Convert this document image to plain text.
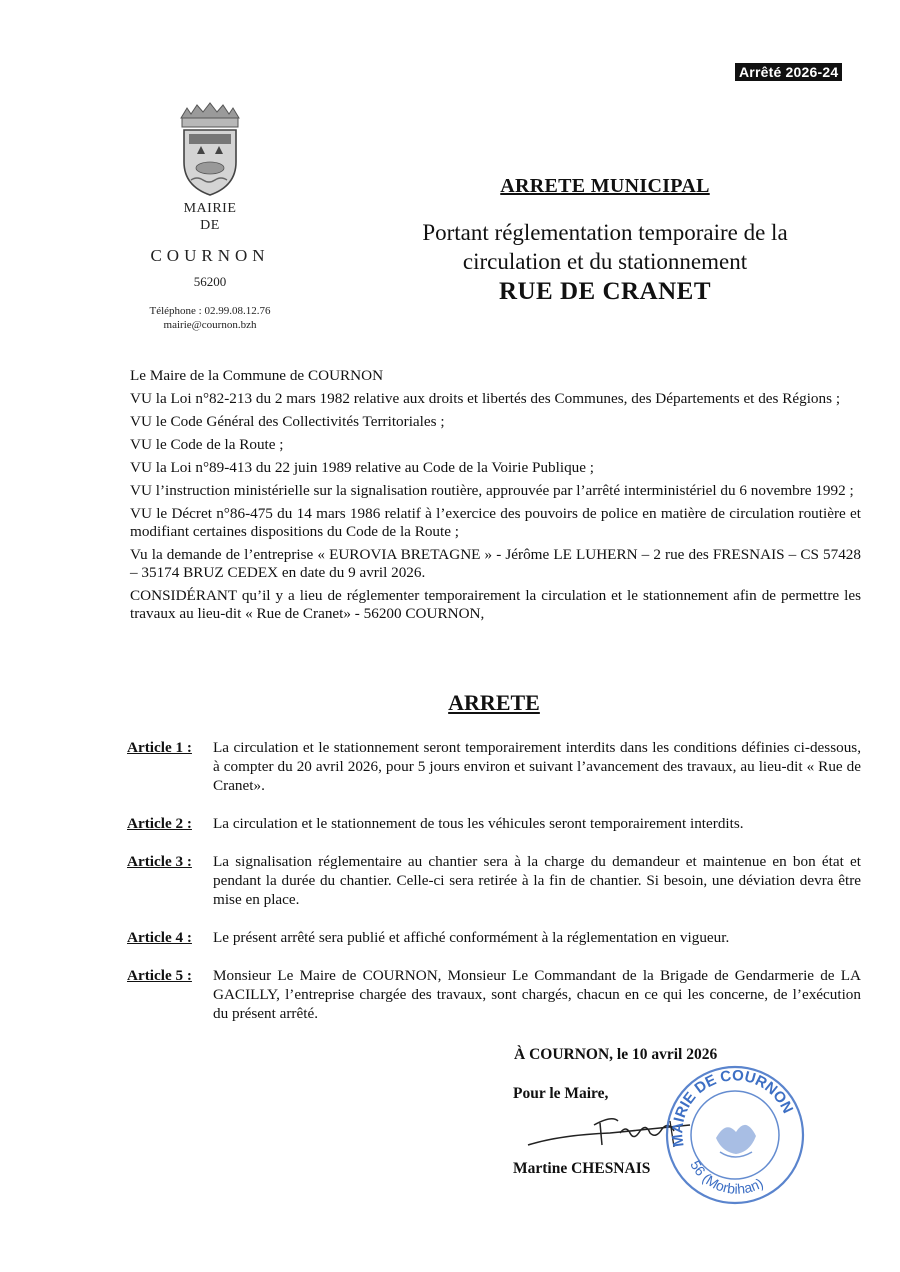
Arrêté 2026-24
MAIRIE
DE
COURNON
56200
Téléphone : 02.99.08.12.76
mairie@cournon.bzh
ARRETE MUNICIPAL
Portant réglementation temporaire de la
circulation et du stationnement
RUE DE CRANET

Le Maire de la Commune de COURNON

VU la Loi n°82-213 du 2 mars 1982 relative aux droits et libertés des Communes, des Départements et des Régions ;

VU le Code Général des Collectivités Territoriales ;

VU le Code de la Route ;

VU la Loi n°89-413 du 22 juin 1989 relative au Code de la Voirie Publique ;

VU l’instruction ministérielle sur la signalisation routière, approuvée par l’arrêté interministériel du 6 novembre 1992 ;

VU le Décret n°86-475 du 14 mars 1986 relatif à l’exercice des pouvoirs de police en matière de circulation routière et modifiant certaines dispositions du Code de la Route ;

Vu la demande de l’entreprise « EUROVIA BRETAGNE » - Jérôme LE LUHERN – 2 rue des FRESNAIS – CS 57428 – 35174 BRUZ CEDEX en date du 9 avril 2026.

CONSIDÉRANT qu’il y a lieu de réglementer temporairement la circulation et le stationnement afin de permettre les travaux au lieu-dit « Rue de Cranet» - 56200 COURNON,

ARRETE
Article 1 :	La circulation et le stationnement seront temporairement interdits dans les conditions définies ci-dessous, à compter du 20 avril 2026, pour 5 jours environ et suivant l’avancement des travaux, au lieu-dit « Rue de Cranet».
Article 2 :	La circulation et le stationnement de tous les véhicules seront temporairement interdits.
Article 3 :	La signalisation réglementaire au chantier sera à la charge du demandeur et maintenue en bon état et pendant la durée du chantier. Celle-ci sera retirée à la fin de chantier. Si besoin, une déviation devra être mise en place.
Article 4 :	Le présent arrêté sera publié et affiché conformément à la réglementation en vigueur.
Article 5 :	Monsieur Le Maire de COURNON, Monsieur Le Commandant de la Brigade de Gendarmerie de LA GACILLY, l’entreprise chargée des travaux, sont chargés, chacun en ce qui les concerne, de l’exécution du présent arrêté.
À COURNON, le 10 avril 2026
Pour le Maire,
MAIRIE DE COURNON
56 (Morbihan)
Martine CHESNAIS
